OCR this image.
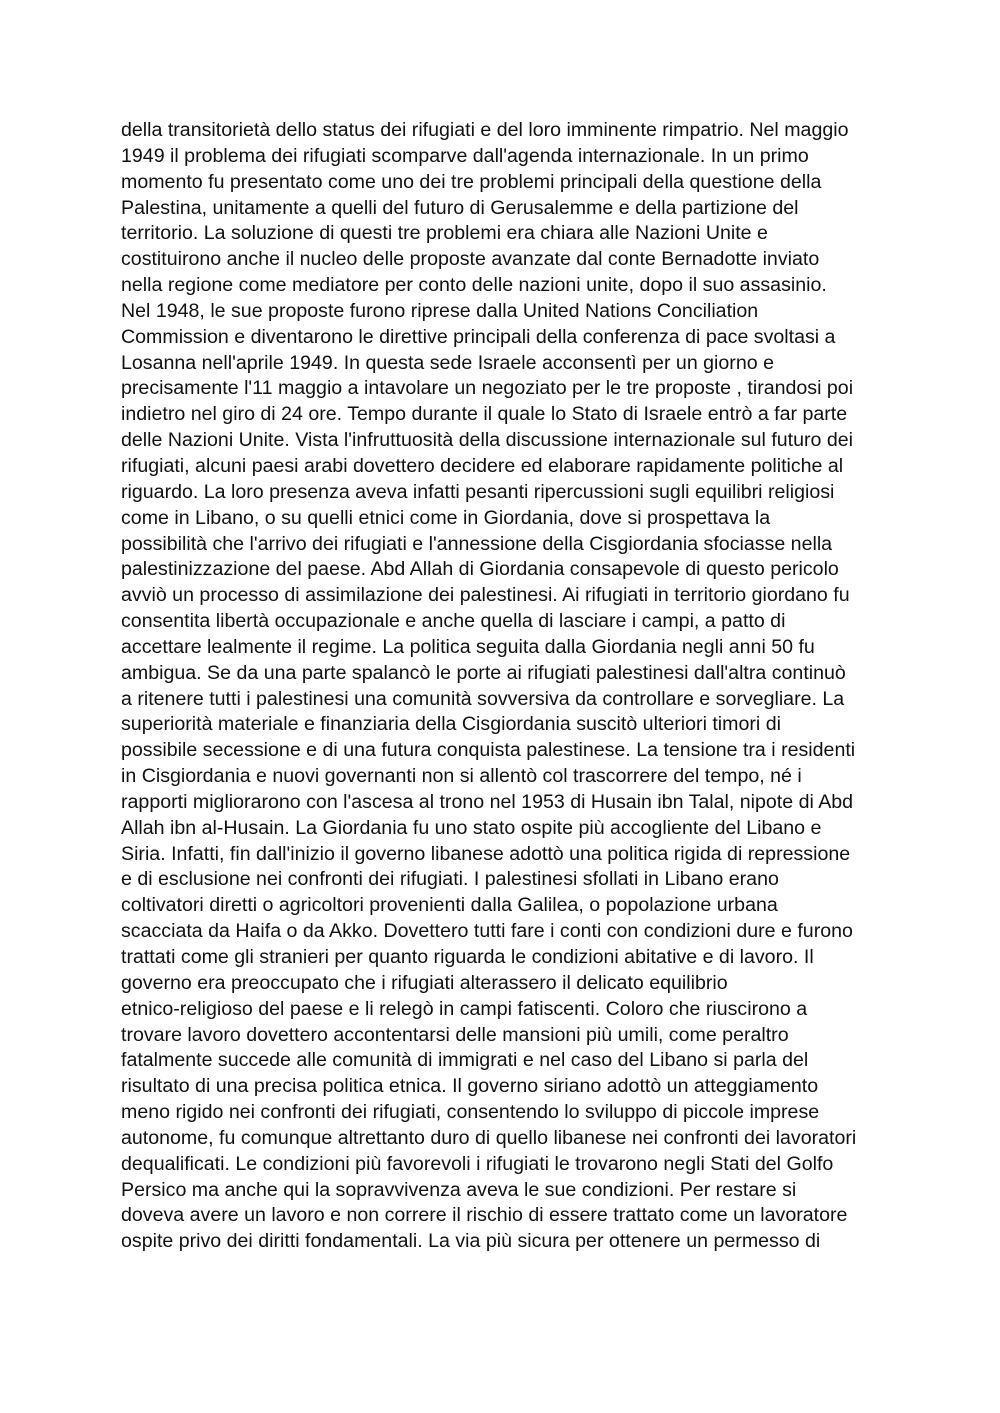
della transitorietà dello status dei rifugiati e del loro imminente rimpatrio. Nel maggio
1949 il problema dei rifugiati scomparve dall'agenda internazionale. In un primo
momento fu presentato come uno dei tre problemi principali della questione della
Palestina, unitamente a quelli del futuro di Gerusalemme e della partizione del
territorio. La soluzione di questi tre problemi era chiara alle Nazioni Unite e
costituirono anche il nucleo delle proposte avanzate dal conte Bernadotte inviato
nella regione come mediatore per conto delle nazioni unite, dopo il suo assasinio.
Nel 1948, le sue proposte furono riprese dalla United Nations Conciliation
Commission e diventarono le direttive principali della conferenza di pace svoltasi a
Losanna nell'aprile 1949. In questa sede Israele acconsentì per un giorno e
precisamente l'11 maggio a intavolare un negoziato per le tre proposte , tirandosi poi
indietro nel giro di 24 ore. Tempo durante il quale lo Stato di Israele entrò a far parte
delle Nazioni Unite. Vista l'infruttuosità della discussione internazionale sul futuro dei
rifugiati, alcuni paesi arabi dovettero decidere ed elaborare rapidamente politiche al
riguardo. La loro presenza aveva infatti pesanti ripercussioni sugli equilibri religiosi
come in Libano, o su quelli etnici come in Giordania, dove si prospettava la
possibilità che l'arrivo dei rifugiati e l'annessione della Cisgiordania sfociasse nella
palestinizzazione del paese. Abd Allah di Giordania consapevole di questo pericolo
avviò un processo di assimilazione dei palestinesi. Ai rifugiati in territorio giordano fu
consentita libertà occupazionale e anche quella di lasciare i campi, a patto di
accettare lealmente il regime. La politica seguita dalla Giordania negli anni 50 fu
ambigua. Se da una parte spalancò le porte ai rifugiati palestinesi dall'altra continuò
a ritenere tutti i palestinesi una comunità sovversiva da controllare e sorvegliare. La
superiorità materiale e finanziaria della Cisgiordania suscitò ulteriori timori di
possibile secessione e di una futura conquista palestinese. La tensione tra i residenti
in Cisgiordania e nuovi governanti non si allentò col trascorrere del tempo, né i
rapporti migliorarono con l'ascesa al trono nel 1953 di Husain ibn Talal, nipote di Abd
Allah ibn al-Husain. La Giordania fu uno stato ospite più accogliente del Libano e
Siria. Infatti, fin dall'inizio il governo libanese adottò una politica rigida di repressione
e di esclusione nei confronti dei rifugiati. I palestinesi sfollati in Libano erano
coltivatori diretti o agricoltori provenienti dalla Galilea, o popolazione urbana
scacciata da Haifa o da Akko. Dovettero tutti fare i conti con condizioni dure e furono
trattati come gli stranieri per quanto riguarda le condizioni abitative e di lavoro. Il
governo era preoccupato che i rifugiati alterassero il delicato equilibrio
etnico-religioso del paese e li relegò in campi fatiscenti. Coloro che riuscirono a
trovare lavoro dovettero accontentarsi delle mansioni più umili, come peraltro
fatalmente succede alle comunità di immigrati e nel caso del Libano si parla del
risultato di una precisa politica etnica. Il governo siriano adottò un atteggiamento
meno rigido nei confronti dei rifugiati, consentendo lo sviluppo di piccole imprese
autonome, fu comunque altrettanto duro di quello libanese nei confronti dei lavoratori
dequalificati. Le condizioni più favorevoli i rifugiati le trovarono negli Stati del Golfo
Persico ma anche qui la sopravvivenza aveva le sue condizioni. Per restare si
doveva avere un lavoro e non correre il rischio di essere trattato come un lavoratore
ospite privo dei diritti fondamentali. La via più sicura per ottenere un permesso di
